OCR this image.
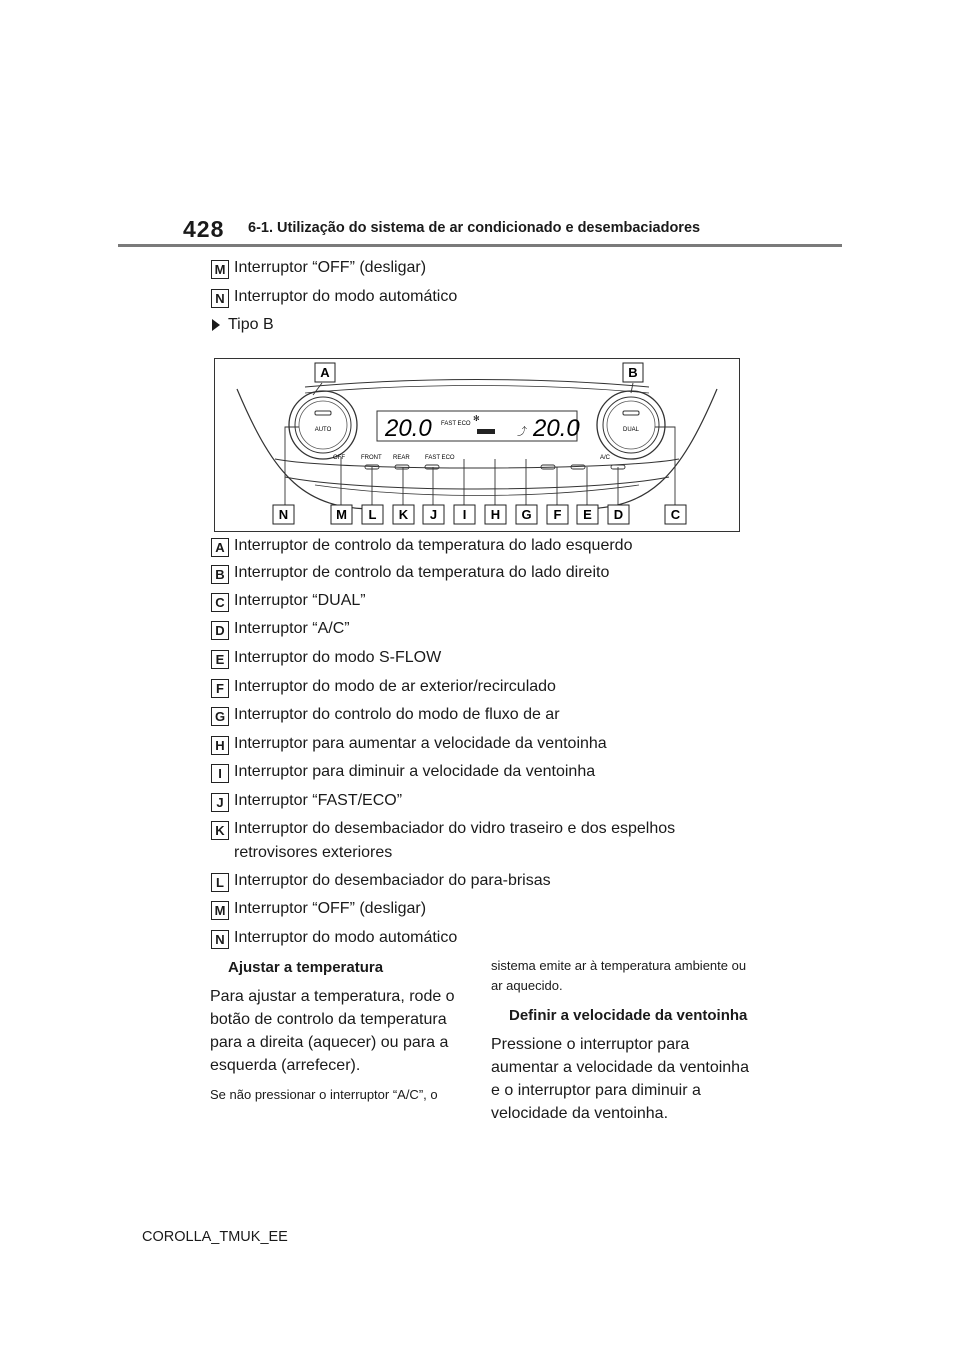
428 6-1. Utilização do sistema de ar condicionado e desembaciadores
M Interruptor “OFF” (desligar)
N Interruptor do modo automático
Tipo B
AUTO	DUAL
20.0	20.0
FAST ECO
✻
⤴
OFF	FRONT REAR	FAST ECO	A/C
A	B
N	M L K J I H G F E D	C
A Interruptor de controlo da temperatura do lado esquerdo
B Interruptor de controlo da temperatura do lado direito
C Interruptor “DUAL”
D Interruptor “A/C”
E Interruptor do modo S-FLOW
F Interruptor do modo de ar exterior/recirculado
G Interruptor do controlo do modo de fluxo de ar
H Interruptor para aumentar a velocidade da ventoinha
I Interruptor para diminuir a velocidade da ventoinha
J Interruptor “FAST/ECO”
K Interruptor do desembaciador do vidro traseiro e dos espelhos retrovisores exteriores
L Interruptor do desembaciador do para-brisas
M Interruptor “OFF” (desligar)
N Interruptor do modo automático
Ajustar a temperatura
Para ajustar a temperatura, rode o botão de controlo da temperatura para a direita (aquecer) ou para a esquerda (arrefecer).
Se não pressionar o interruptor “A/C”, o
sistema emite ar à temperatura ambiente ou ar aquecido.
Definir a velocidade da ventoinha
Pressione o interruptor para aumentar a velocidade da ventoinha e o interruptor para diminuir a velocidade da ventoinha.
COROLLA_TMUK_EE
